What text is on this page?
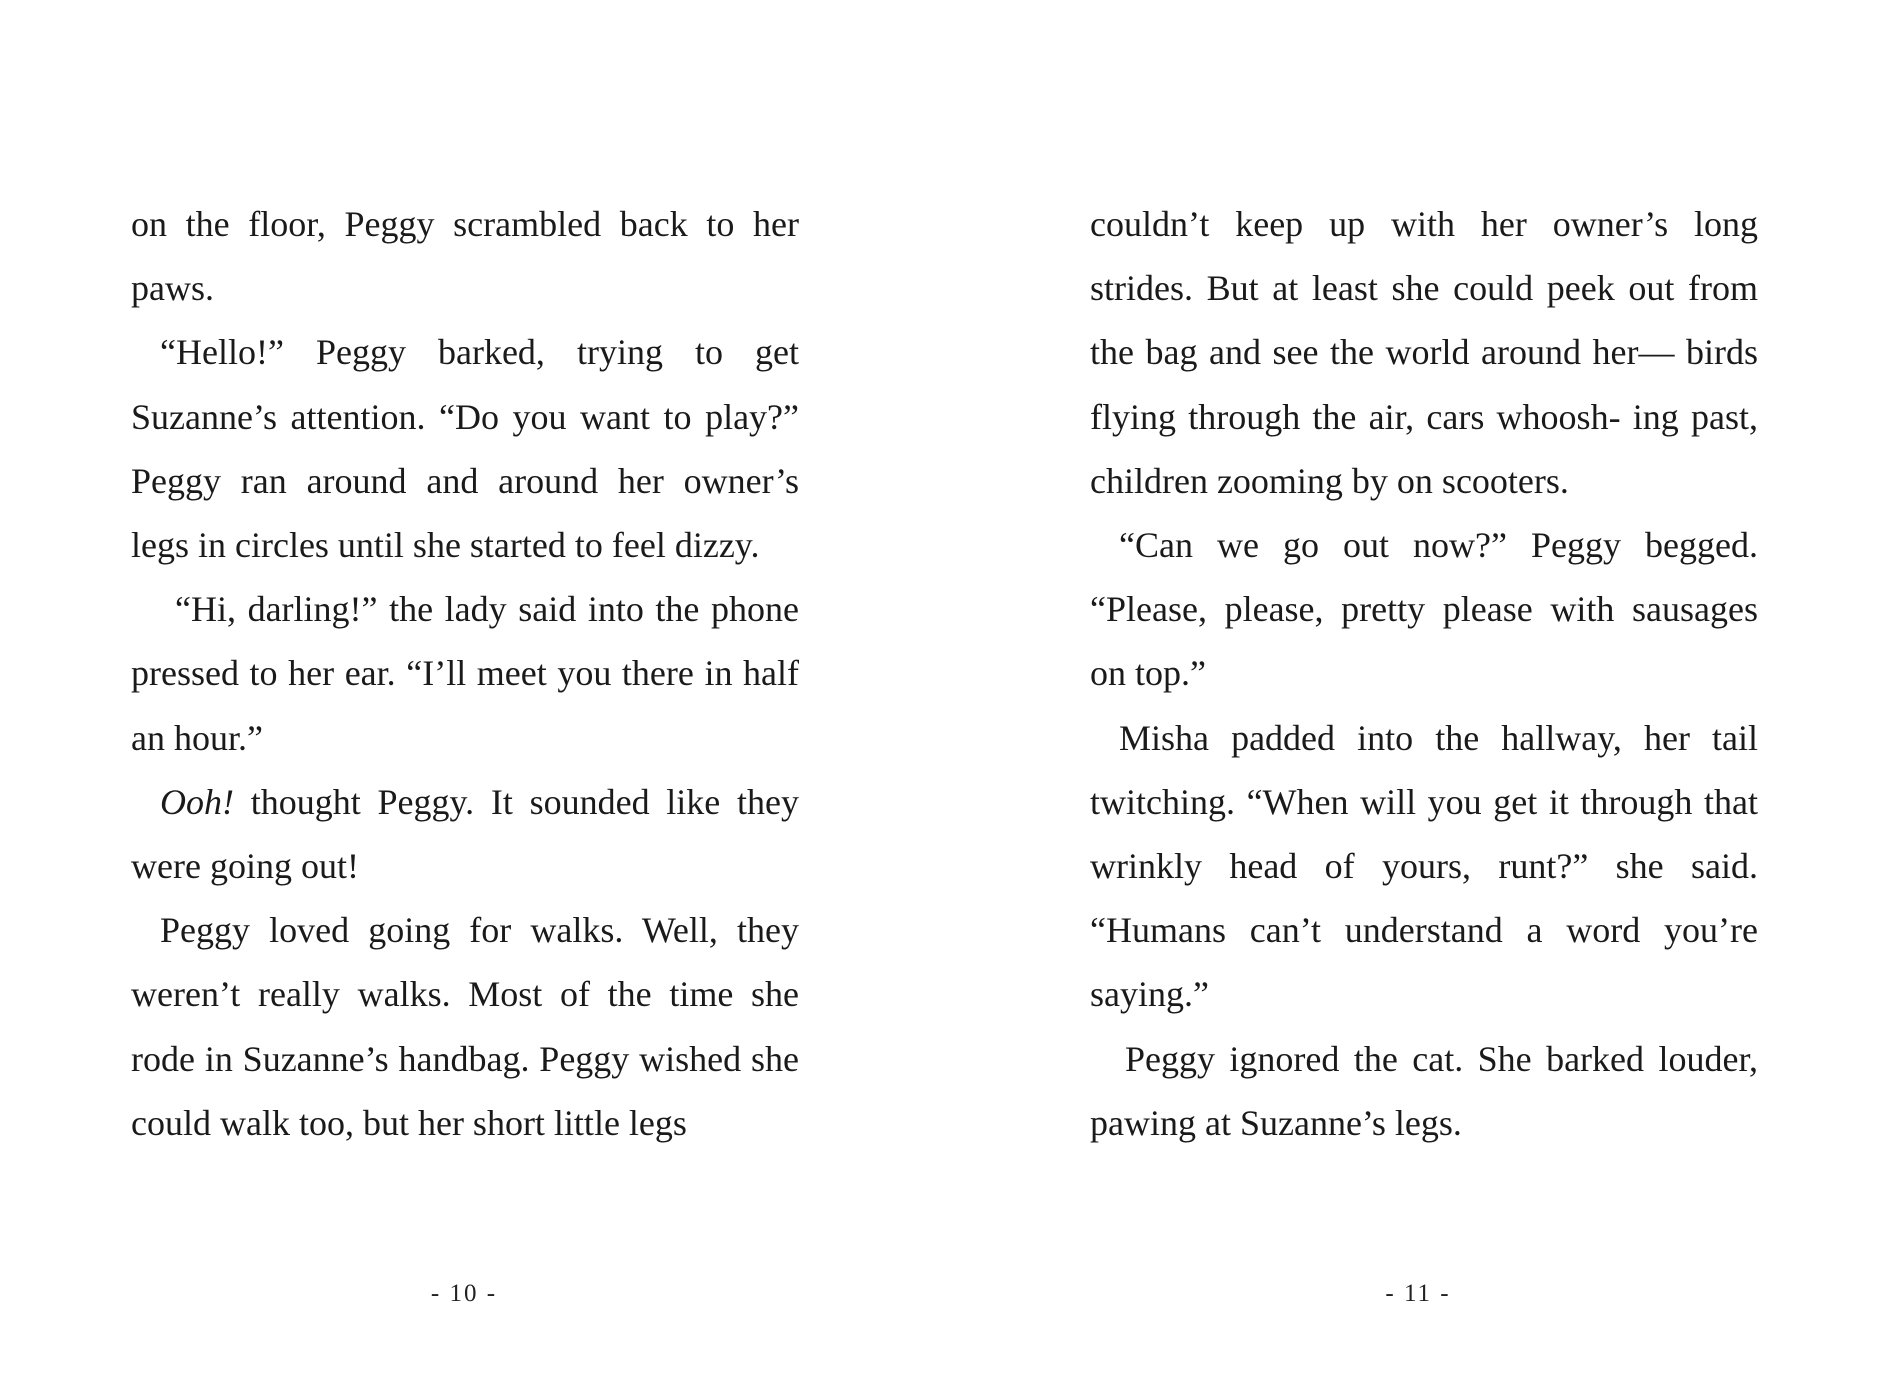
on the floor, Peggy scrambled back to her paws.

“Hello!” Peggy barked, trying to get Suzanne’s attention. “Do you want to play?” Peggy ran around and around her owner’s legs in circles until she started to feel dizzy.

“Hi, darling!” the lady said into the phone pressed to her ear. “I’ll meet you there in half an hour.”

Ooh! thought Peggy. It sounded like they were going out!

Peggy loved going for walks. Well, they weren’t really walks. Most of the time she rode in Suzanne’s handbag. Peggy wished she could walk too, but her short little legs

couldn’t keep up with her owner’s long strides. But at least she could peek out from the bag and see the world around her— birds flying through the air, cars whoosh- ing past, children zooming by on scooters.

“Can we go out now?” Peggy begged. “Please, please, pretty please with sausages on top.”

Misha padded into the hallway, her tail twitching. “When will you get it through that wrinkly head of yours, runt?” she said. “Humans can’t understand a word you’re saying.”

Peggy ignored the cat. She barked louder, pawing at Suzanne’s legs.

- 10 -	- 11 -
